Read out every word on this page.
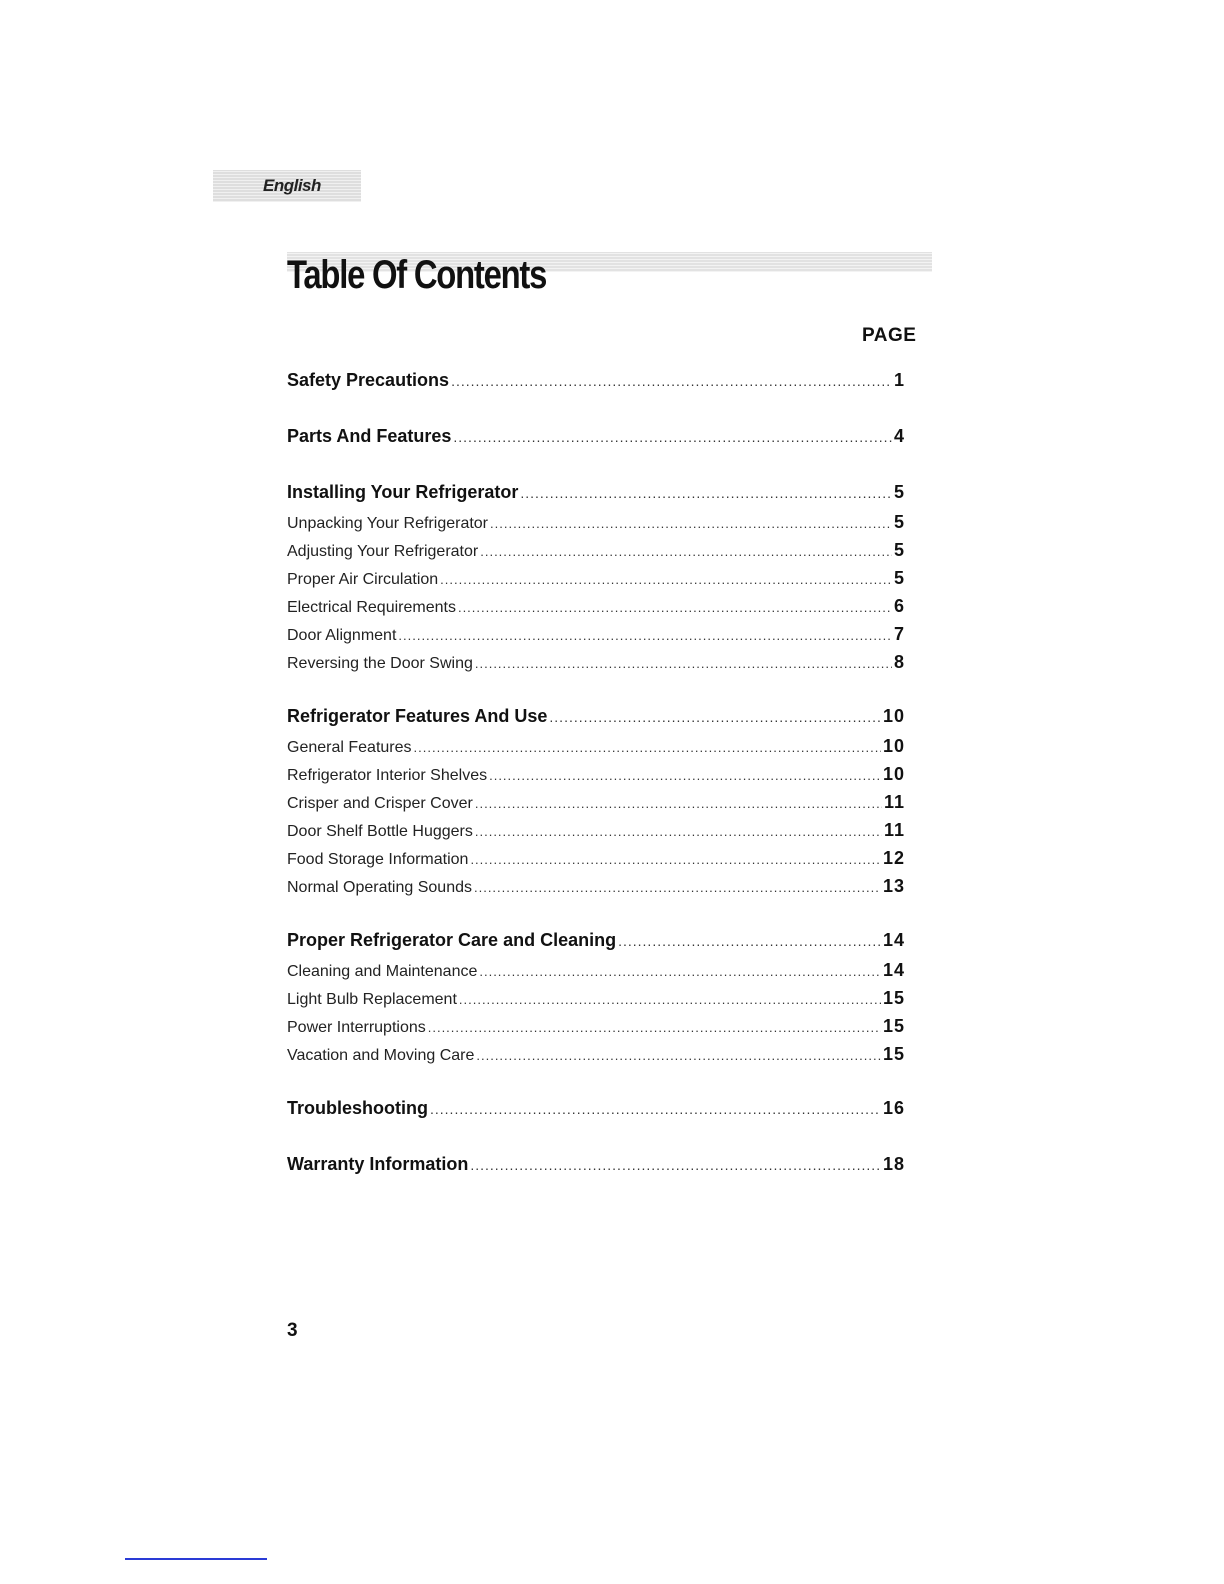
English
Table Of Contents
PAGE
Safety Precautions .....	1
Parts And Features .....	4
Installing Your Refrigerator .....	5
Unpacking Your Refrigerator .....	5
Adjusting Your Refrigerator .....	5
Proper Air Circulation .....	5
Electrical Requirements .....	6
Door Alignment .....	7
Reversing the Door Swing .....	8
Refrigerator Features And Use .....	10
General Features .....	10
Refrigerator Interior Shelves .....	10
Crisper and Crisper Cover .....	11
Door Shelf Bottle Huggers .....	11
Food Storage Information .....	12
Normal Operating Sounds .....	13
Proper Refrigerator Care and Cleaning .....	14
Cleaning and Maintenance .....	14
Light Bulb Replacement .....	15
Power Interruptions .....	15
Vacation and Moving Care .....	15
Troubleshooting .....	16
Warranty Information .....	18
3
